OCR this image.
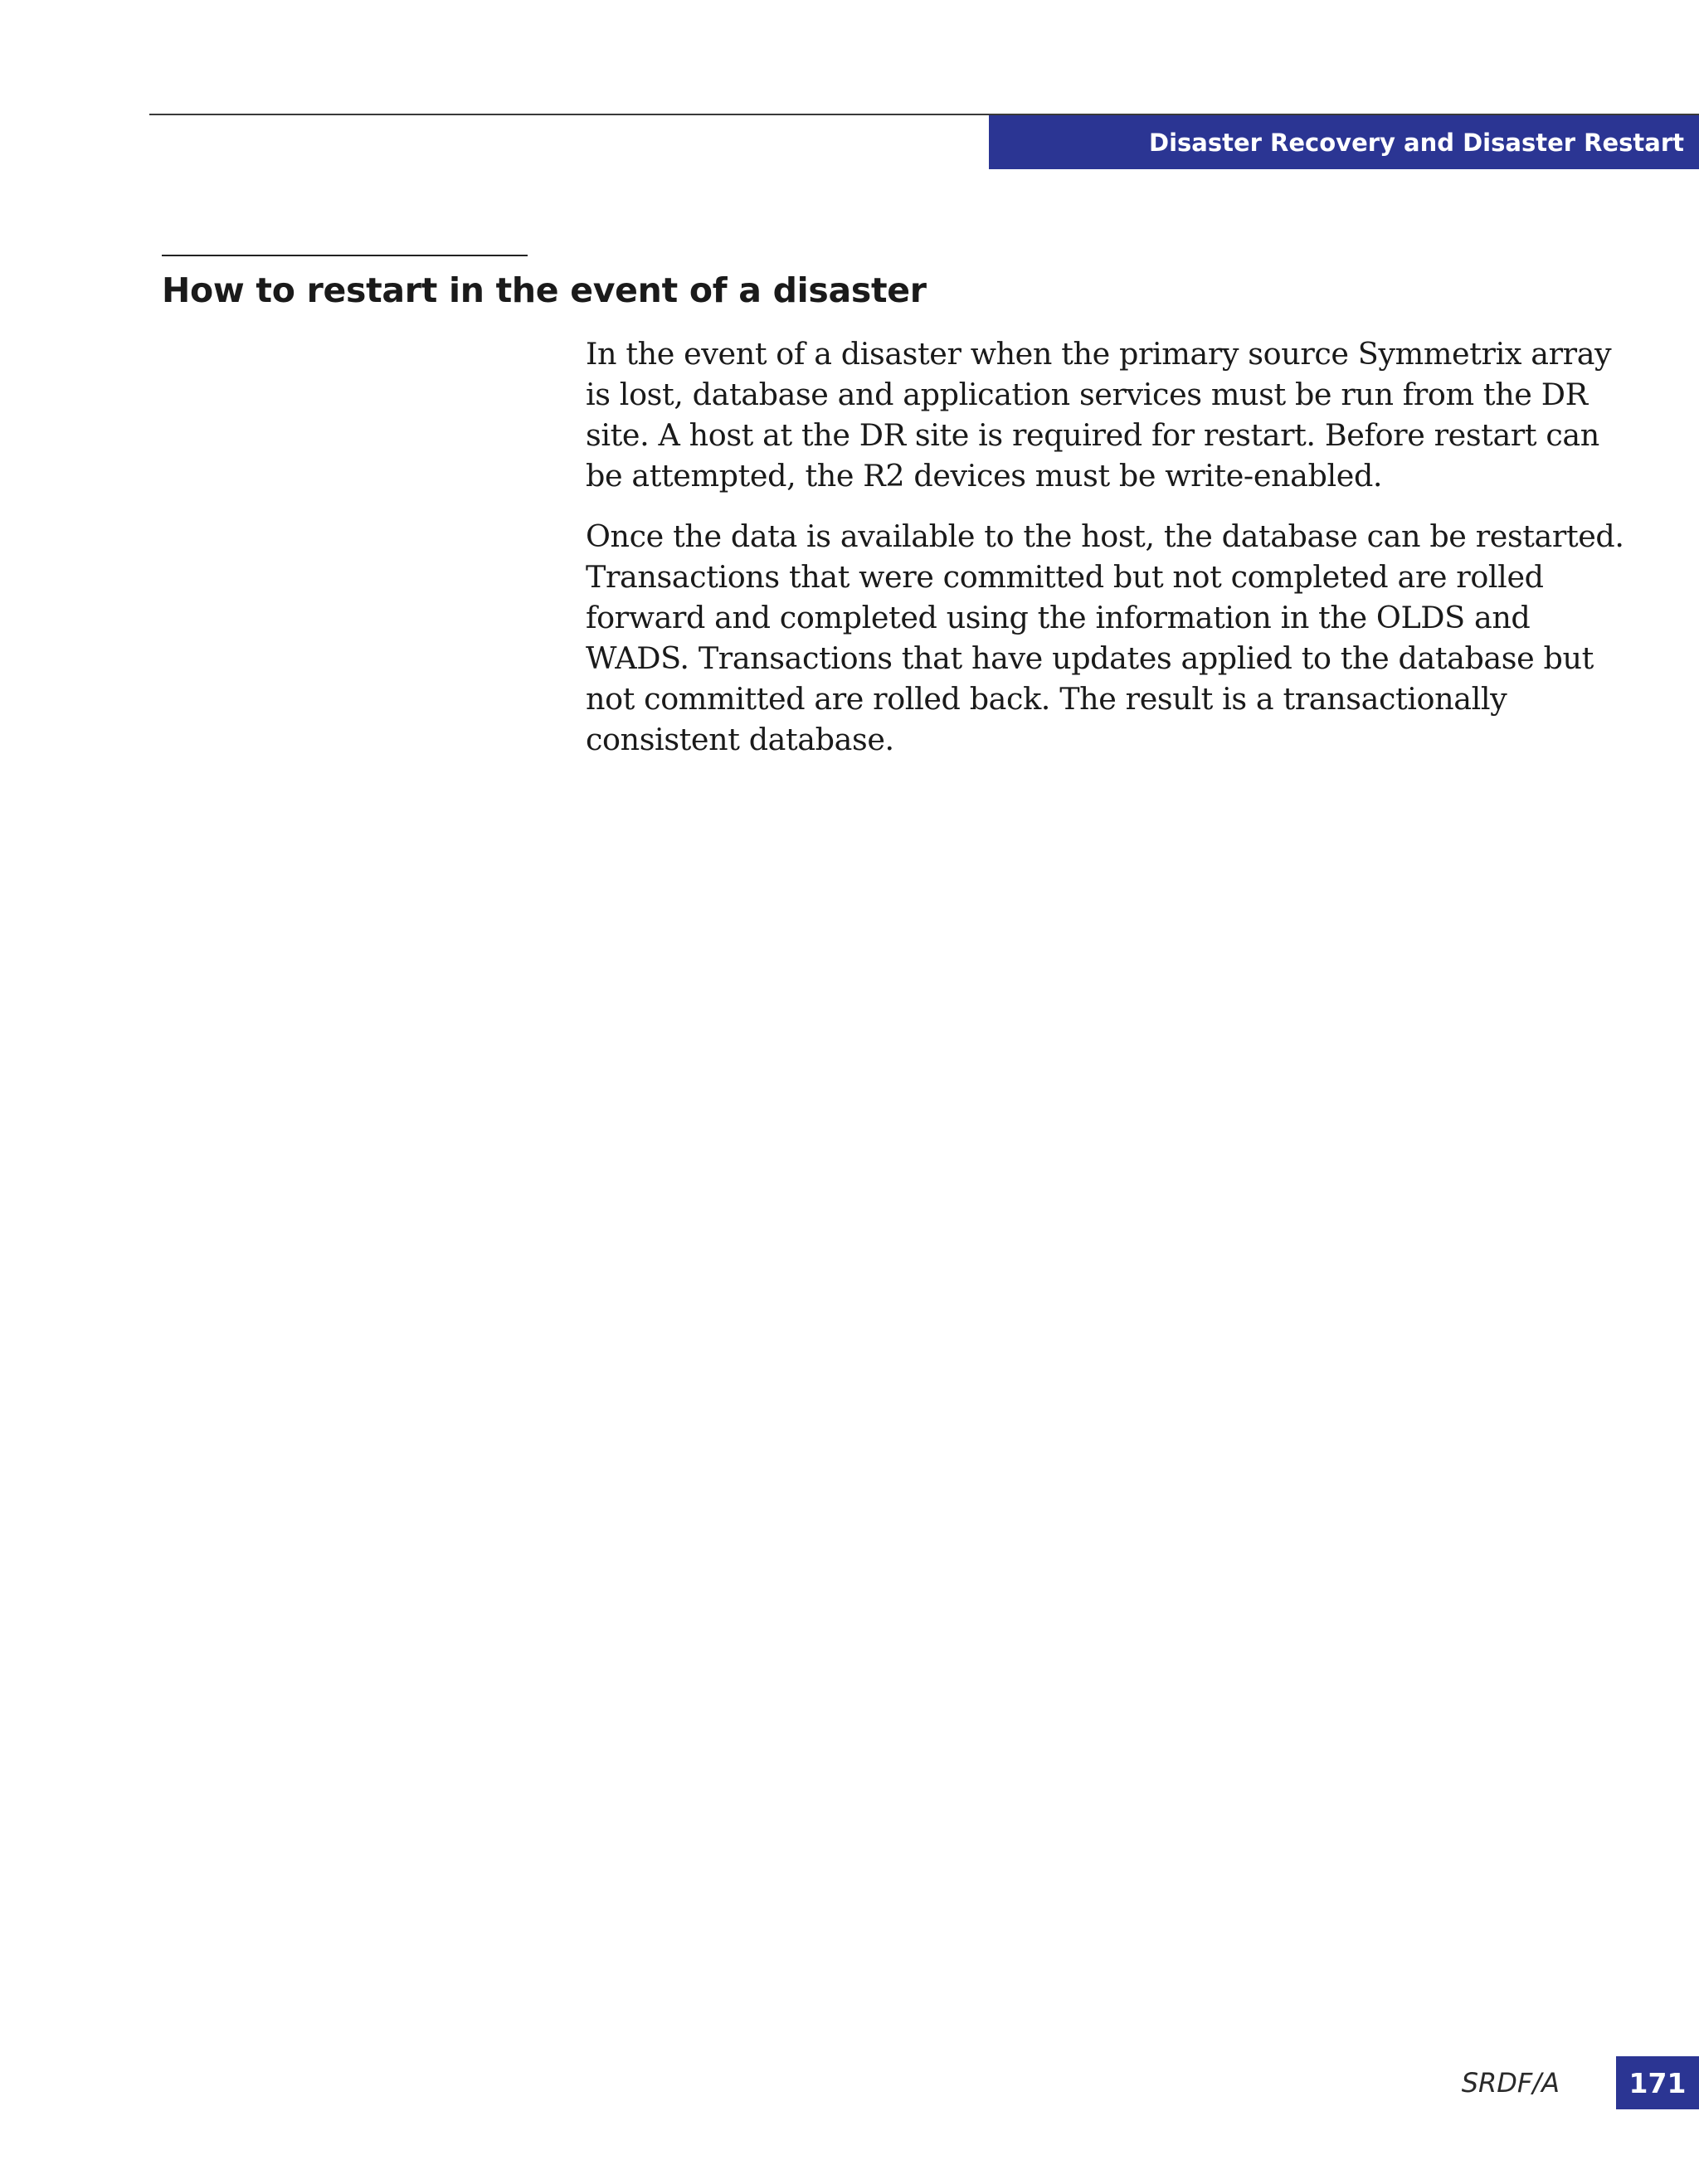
Disaster Recovery and Disaster Restart
How to restart in the event of a disaster

In the event of a disaster when the primary source Symmetrix array is lost, database and application services must be run from the DR site. A host at the DR site is required for restart. Before restart can be attempted, the R2 devices must be write-enabled.

Once the data is available to the host, the database can be restarted. Transactions that were committed but not completed are rolled forward and completed using the information in the OLDS and WADS. Transactions that have updates applied to the database but not committed are rolled back. The result is a transactionally consistent database.

SRDF/A	171
